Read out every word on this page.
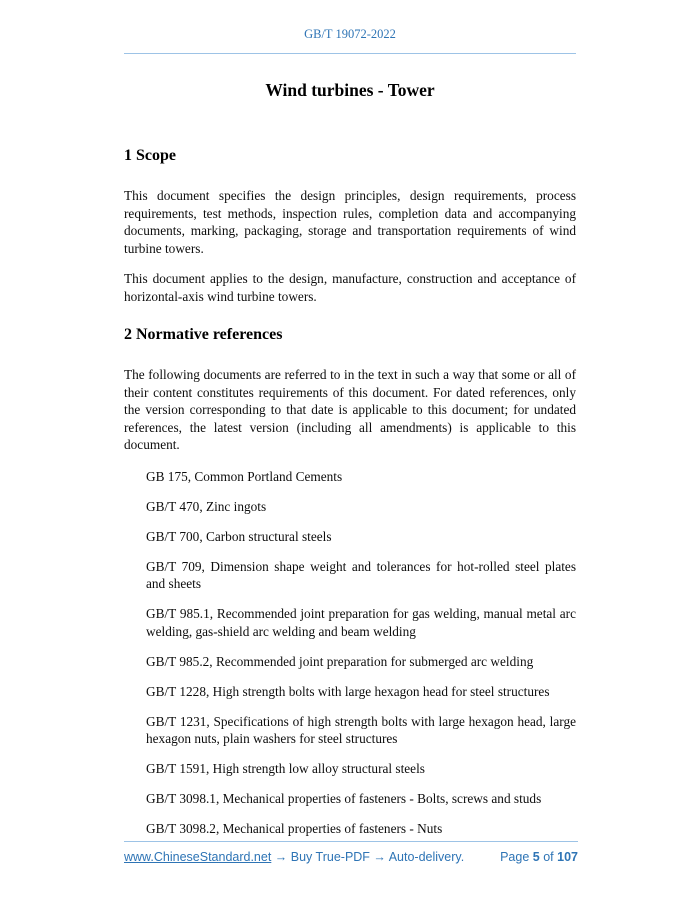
GB/T 19072-2022
Wind turbines - Tower
1 Scope

This document specifies the design principles, design requirements, process requirements, test methods, inspection rules, completion data and accompanying documents, marking, packaging, storage and transportation requirements of wind turbine towers.

This document applies to the design, manufacture, construction and acceptance of horizontal-axis wind turbine towers.

2 Normative references

The following documents are referred to in the text in such a way that some or all of their content constitutes requirements of this document. For dated references, only the version corresponding to that date is applicable to this document; for undated references, the latest version (including all amendments) is applicable to this document.

GB 175, Common Portland Cements
GB/T 470, Zinc ingots
GB/T 700, Carbon structural steels
GB/T 709, Dimension shape weight and tolerances for hot-rolled steel plates and sheets
GB/T 985.1, Recommended joint preparation for gas welding, manual metal arc welding, gas-shield arc welding and beam welding
GB/T 985.2, Recommended joint preparation for submerged arc welding
GB/T 1228, High strength bolts with large hexagon head for steel structures
GB/T 1231, Specifications of high strength bolts with large hexagon head, large hexagon nuts, plain washers for steel structures
GB/T 1591, High strength low alloy structural steels
GB/T 3098.1, Mechanical properties of fasteners - Bolts, screws and studs
GB/T 3098.2, Mechanical properties of fasteners - Nuts
www.ChineseStandard.net → Buy True-PDF → Auto-delivery.	Page 5 of 107
